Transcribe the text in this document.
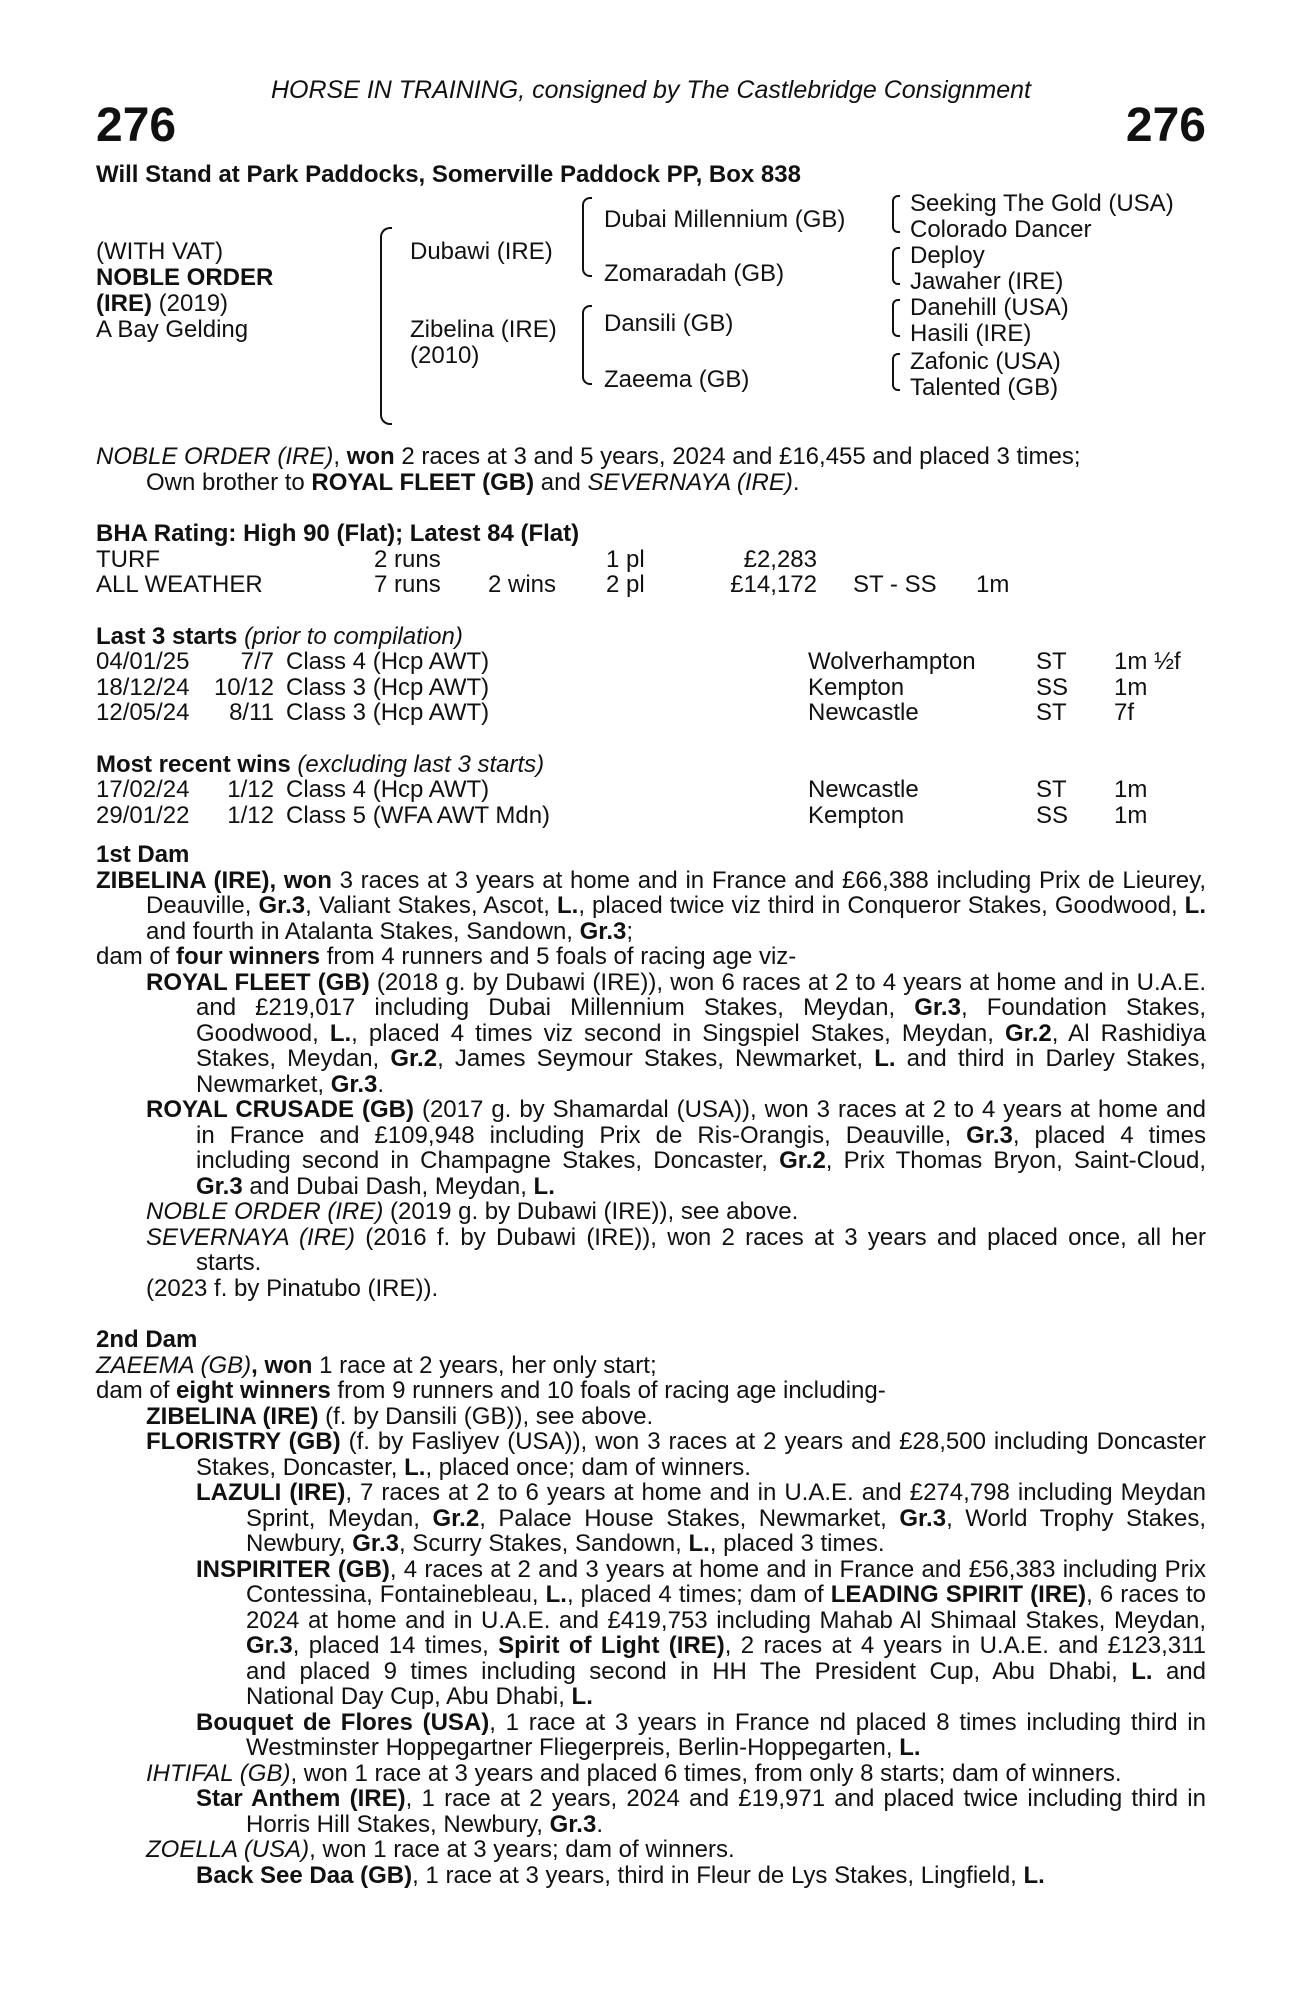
HORSE IN TRAINING, consigned by The Castlebridge Consignment
276	276
Will Stand at Park Paddocks, Somerville Paddock PP, Box 838
(WITH VAT)
NOBLE ORDER
(IRE) (2019)
A Bay Gelding
Dubawi (IRE)
Zibelina (IRE)
(2010)
Dubai Millennium (GB)
Zomaradah (GB)
Dansili (GB)
Zaeema (GB)
Seeking The Gold (USA)
Colorado Dancer
Deploy
Jawaher (IRE)
Danehill (USA)
Hasili (IRE)
Zafonic (USA)
Talented (GB)
NOBLE ORDER (IRE), won 2 races at 3 and 5 years, 2024 and £16,455 and placed 3 times;
Own brother to ROYAL FLEET (GB) and SEVERNAYA (IRE).
BHA Rating: High 90 (Flat); Latest 84 (Flat)
TURF	2 runs	1 pl	£2,283
ALL WEATHER	7 runs 2 wins 2 pl	£14,172 ST - SS 1m
Last 3 starts (prior to compilation)
04/01/25 7/7 Class 4 (Hcp AWT)	Wolverhampton	ST 1m ½f
18/12/24 10/12 Class 3 (Hcp AWT)	Kempton	SS 1m
12/05/24 8/11 Class 3 (Hcp AWT)	Newcastle	ST 7f
Most recent wins (excluding last 3 starts)
17/02/24 1/12 Class 4 (Hcp AWT)	Newcastle	ST 1m
29/01/22 1/12 Class 5 (WFA AWT Mdn)	Kempton	SS 1m
1st Dam
ZIBELINA (IRE), won 3 races at 3 years at home and in France and £66,388 including Prix de Lieurey, Deauville, Gr.3, Valiant Stakes, Ascot, L., placed twice viz third in Conqueror Stakes, Goodwood, L. and fourth in Atalanta Stakes, Sandown, Gr.3;
dam of four winners from 4 runners and 5 foals of racing age viz-
ROYAL FLEET (GB) (2018 g. by Dubawi (IRE)), won 6 races at 2 to 4 years at home and in U.A.E. and £219,017 including Dubai Millennium Stakes, Meydan, Gr.3, Foundation Stakes, Goodwood, L., placed 4 times viz second in Singspiel Stakes, Meydan, Gr.2, Al Rashidiya Stakes, Meydan, Gr.2, James Seymour Stakes, Newmarket, L. and third in Darley Stakes, Newmarket, Gr.3.
ROYAL CRUSADE (GB) (2017 g. by Shamardal (USA)), won 3 races at 2 to 4 years at home and in France and £109,948 including Prix de Ris-Orangis, Deauville, Gr.3, placed 4 times including second in Champagne Stakes, Doncaster, Gr.2, Prix Thomas Bryon, Saint-Cloud, Gr.3 and Dubai Dash, Meydan, L.
NOBLE ORDER (IRE) (2019 g. by Dubawi (IRE)), see above.
SEVERNAYA (IRE) (2016 f. by Dubawi (IRE)), won 2 races at 3 years and placed once, all her starts.
(2023 f. by Pinatubo (IRE)).
2nd Dam
ZAEEMA (GB), won 1 race at 2 years, her only start;
dam of eight winners from 9 runners and 10 foals of racing age including-
ZIBELINA (IRE) (f. by Dansili (GB)), see above.
FLORISTRY (GB) (f. by Fasliyev (USA)), won 3 races at 2 years and £28,500 including Doncaster Stakes, Doncaster, L., placed once; dam of winners.
LAZULI (IRE), 7 races at 2 to 6 years at home and in U.A.E. and £274,798 including Meydan Sprint, Meydan, Gr.2, Palace House Stakes, Newmarket, Gr.3, World Trophy Stakes, Newbury, Gr.3, Scurry Stakes, Sandown, L., placed 3 times.
INSPIRITER (GB), 4 races at 2 and 3 years at home and in France and £56,383 including Prix Contessina, Fontainebleau, L., placed 4 times; dam of LEADING SPIRIT (IRE), 6 races to 2024 at home and in U.A.E. and £419,753 including Mahab Al Shimaal Stakes, Meydan, Gr.3, placed 14 times, Spirit of Light (IRE), 2 races at 4 years in U.A.E. and £123,311 and placed 9 times including second in HH The President Cup, Abu Dhabi, L. and National Day Cup, Abu Dhabi, L.
Bouquet de Flores (USA), 1 race at 3 years in France nd placed 8 times including third in Westminster Hoppegartner Fliegerpreis, Berlin-Hoppegarten, L.
IHTIFAL (GB), won 1 race at 3 years and placed 6 times, from only 8 starts; dam of winners.
Star Anthem (IRE), 1 race at 2 years, 2024 and £19,971 and placed twice including third in Horris Hill Stakes, Newbury, Gr.3.
ZOELLA (USA), won 1 race at 3 years; dam of winners.
Back See Daa (GB), 1 race at 3 years, third in Fleur de Lys Stakes, Lingfield, L.
